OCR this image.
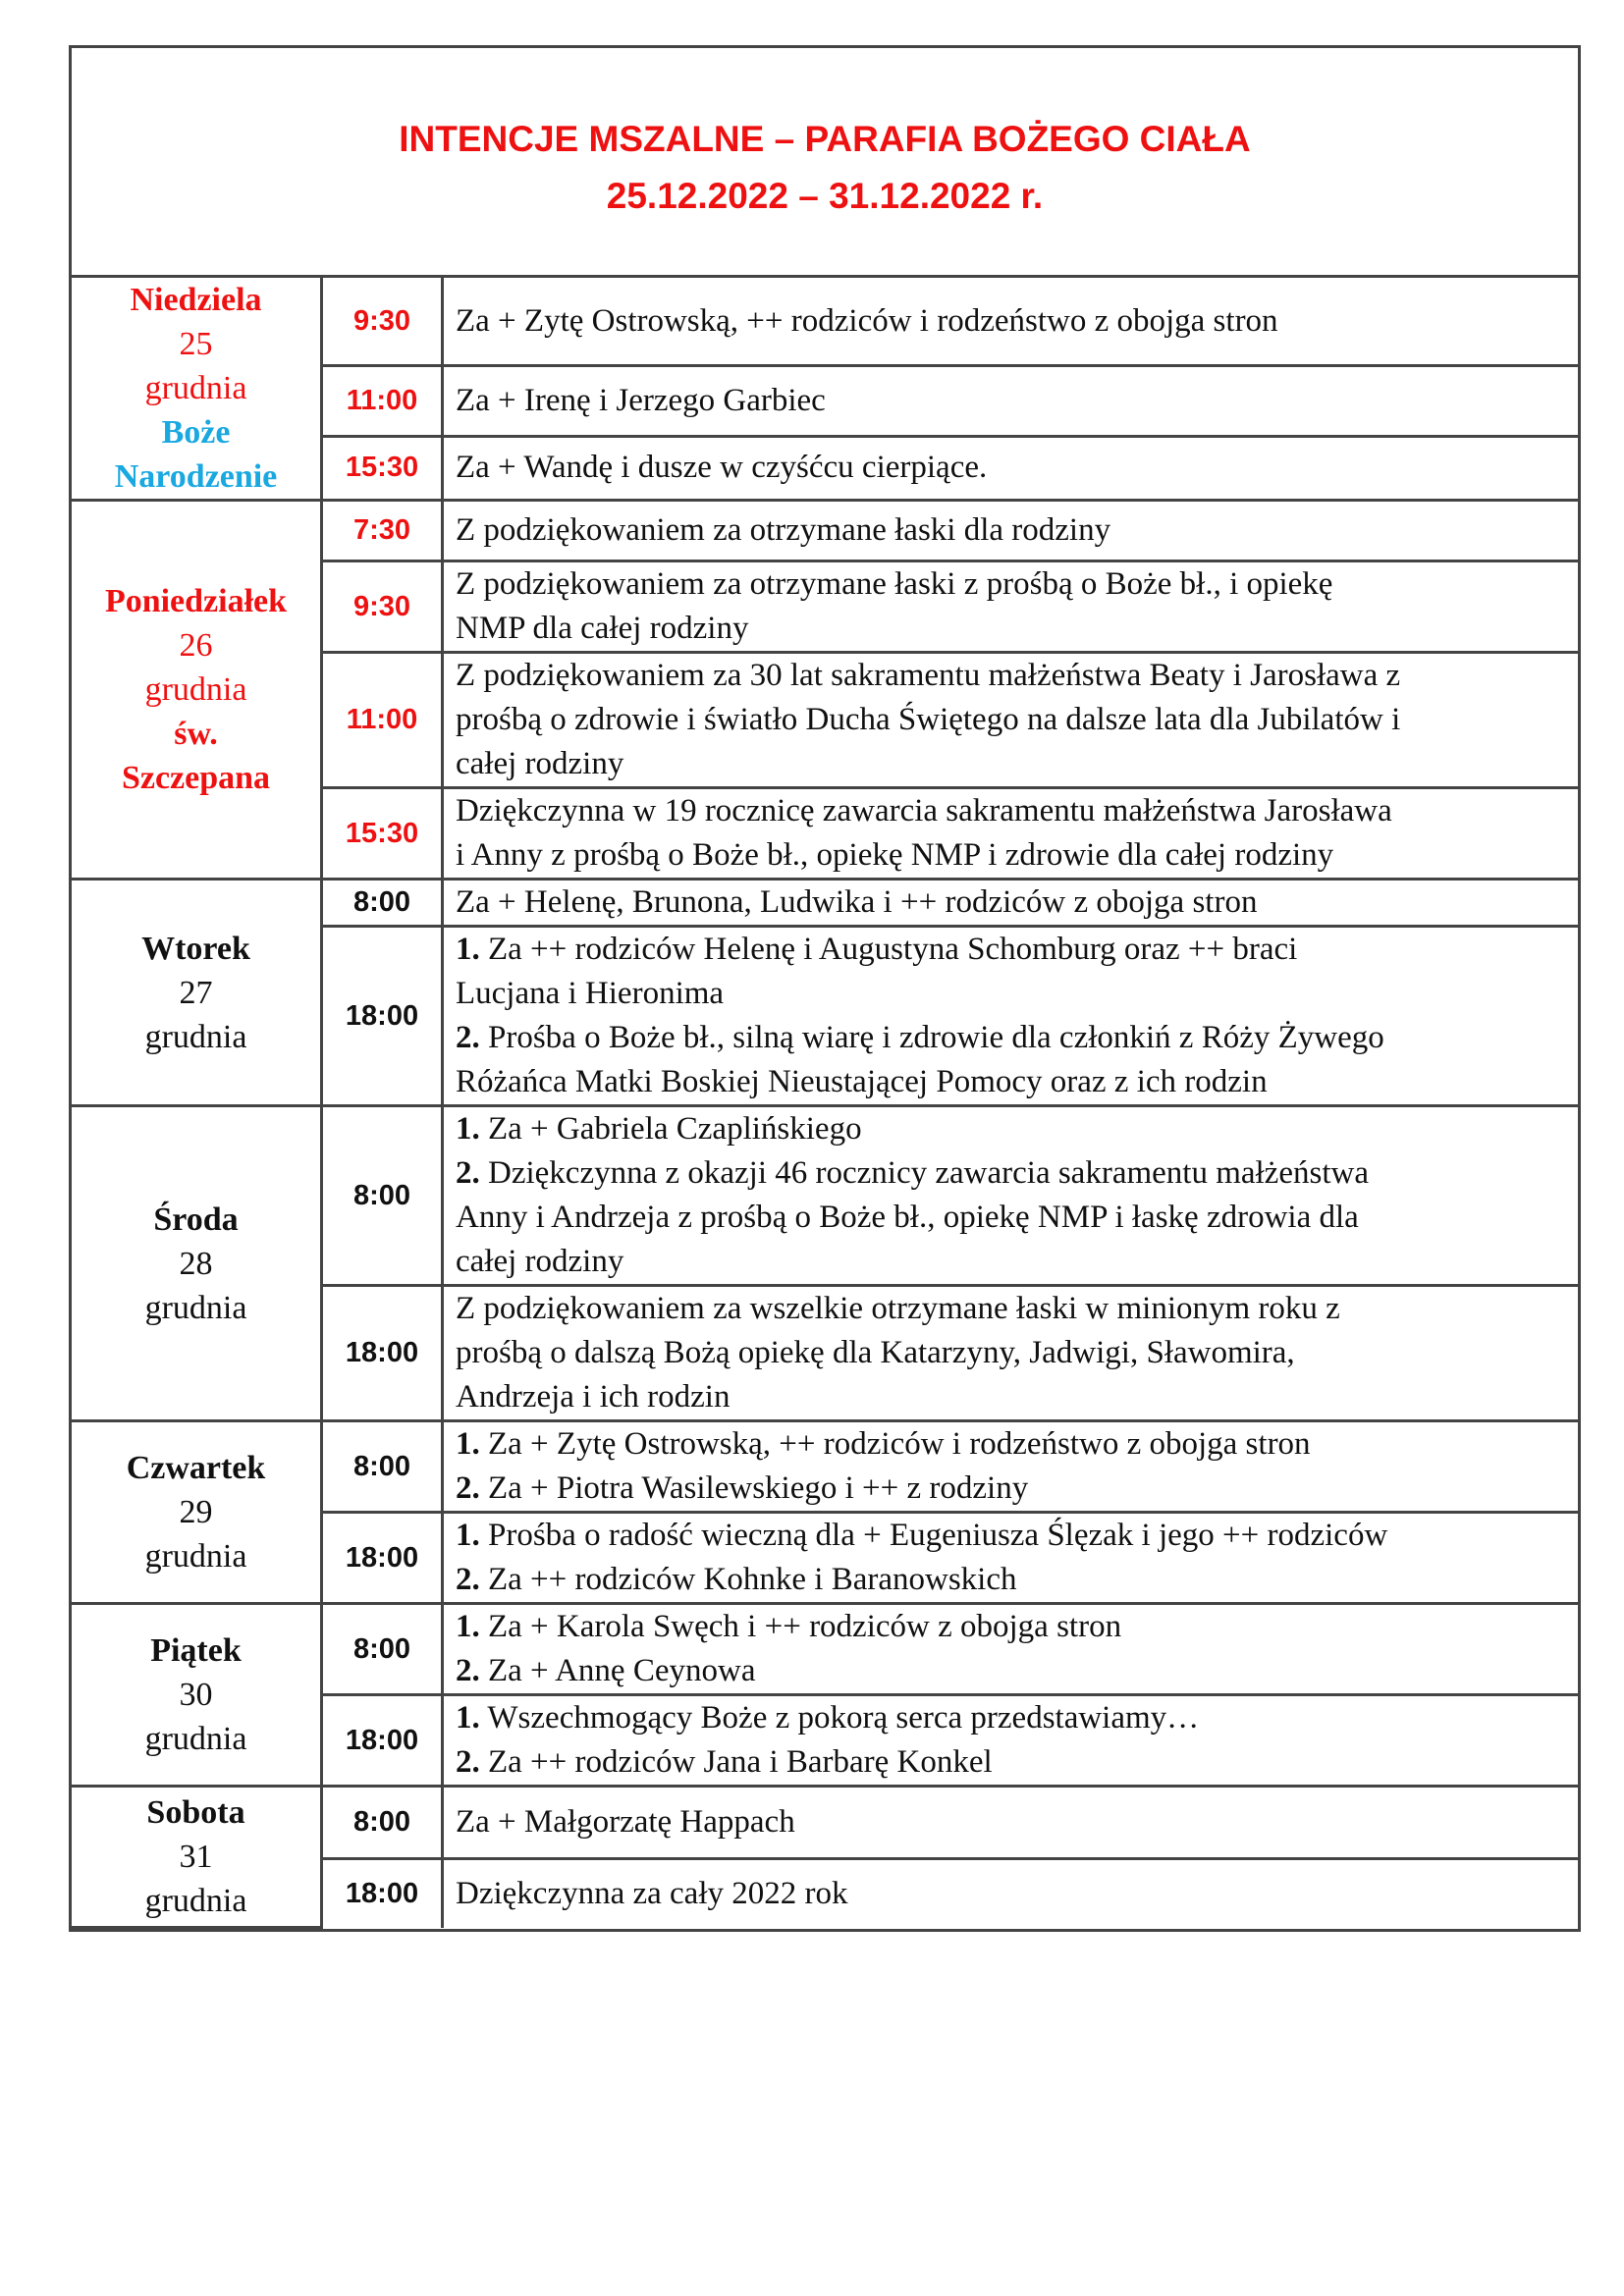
INTENCJE MSZALNE – PARAFIA BOŻEGO CIAŁA
25.12.2022 – 31.12.2022 r.
Niedziela
25
grudnia
Boże
Narodzenie	9:30	Za + Zytę Ostrowską, ++ rodziców i rodzeństwo z obojga stron

	11:00	Za + Irenę i Jerzego Garbiec

	15:30	Za + Wandę i dusze w czyśćcu cierpiące.

Poniedziałek
26
grudnia
św.
Szczepana	7:30	Z podziękowaniem za otrzymane łaski dla rodziny

	9:30	Z podziękowaniem za otrzymane łaski z prośbą o Boże bł., i opiekę
NMP dla całej rodziny

	11:00	Z podziękowaniem za 30 lat sakramentu małżeństwa Beaty i Jarosława z
prośbą o zdrowie i światło Ducha Świętego na dalsze lata dla Jubilatów i
całej rodziny

	15:30	Dziękczynna w 19 rocznicę zawarcia sakramentu małżeństwa Jarosława
i Anny z prośbą o Boże bł., opiekę NMP i zdrowie dla całej rodziny

Wtorek
27
grudnia	8:00	Za + Helenę, Brunona, Ludwika i ++ rodziców z obojga stron

	18:00	1. Za ++ rodziców Helenę i Augustyna Schomburg oraz ++ braci
Lucjana i Hieronima
2. Prośba o Boże bł., silną wiarę i zdrowie dla członkiń z Róży Żywego
Różańca Matki Boskiej Nieustającej Pomocy oraz z ich rodzin

Środa
28
grudnia	8:00	1. Za + Gabriela Czaplińskiego
2. Dziękczynna z okazji 46 rocznicy zawarcia sakramentu małżeństwa
Anny i Andrzeja z prośbą o Boże bł., opiekę NMP i łaskę zdrowia dla
całej rodziny

	18:00	Z podziękowaniem za wszelkie otrzymane łaski w minionym roku z
prośbą o dalszą Bożą opiekę dla Katarzyny, Jadwigi, Sławomira,
Andrzeja i ich rodzin

Czwartek
29
grudnia	8:00	1. Za + Zytę Ostrowską, ++ rodziców i rodzeństwo z obojga stron
2. Za + Piotra Wasilewskiego i ++ z rodziny

	18:00	1. Prośba o radość wieczną dla + Eugeniusza Ślęzak i jego ++ rodziców
2. Za ++ rodziców Kohnke i Baranowskich

Piątek
30
grudnia	8:00	1. Za + Karola Swęch i ++ rodziców z obojga stron
2. Za + Annę Ceynowa

	18:00	1. Wszechmogący Boże z pokorą serca przedstawiamy…
2. Za ++ rodziców Jana i Barbarę Konkel

Sobota
31
grudnia	8:00	Za + Małgorzatę Happach

	18:00	Dziękczynna za cały 2022 rok
